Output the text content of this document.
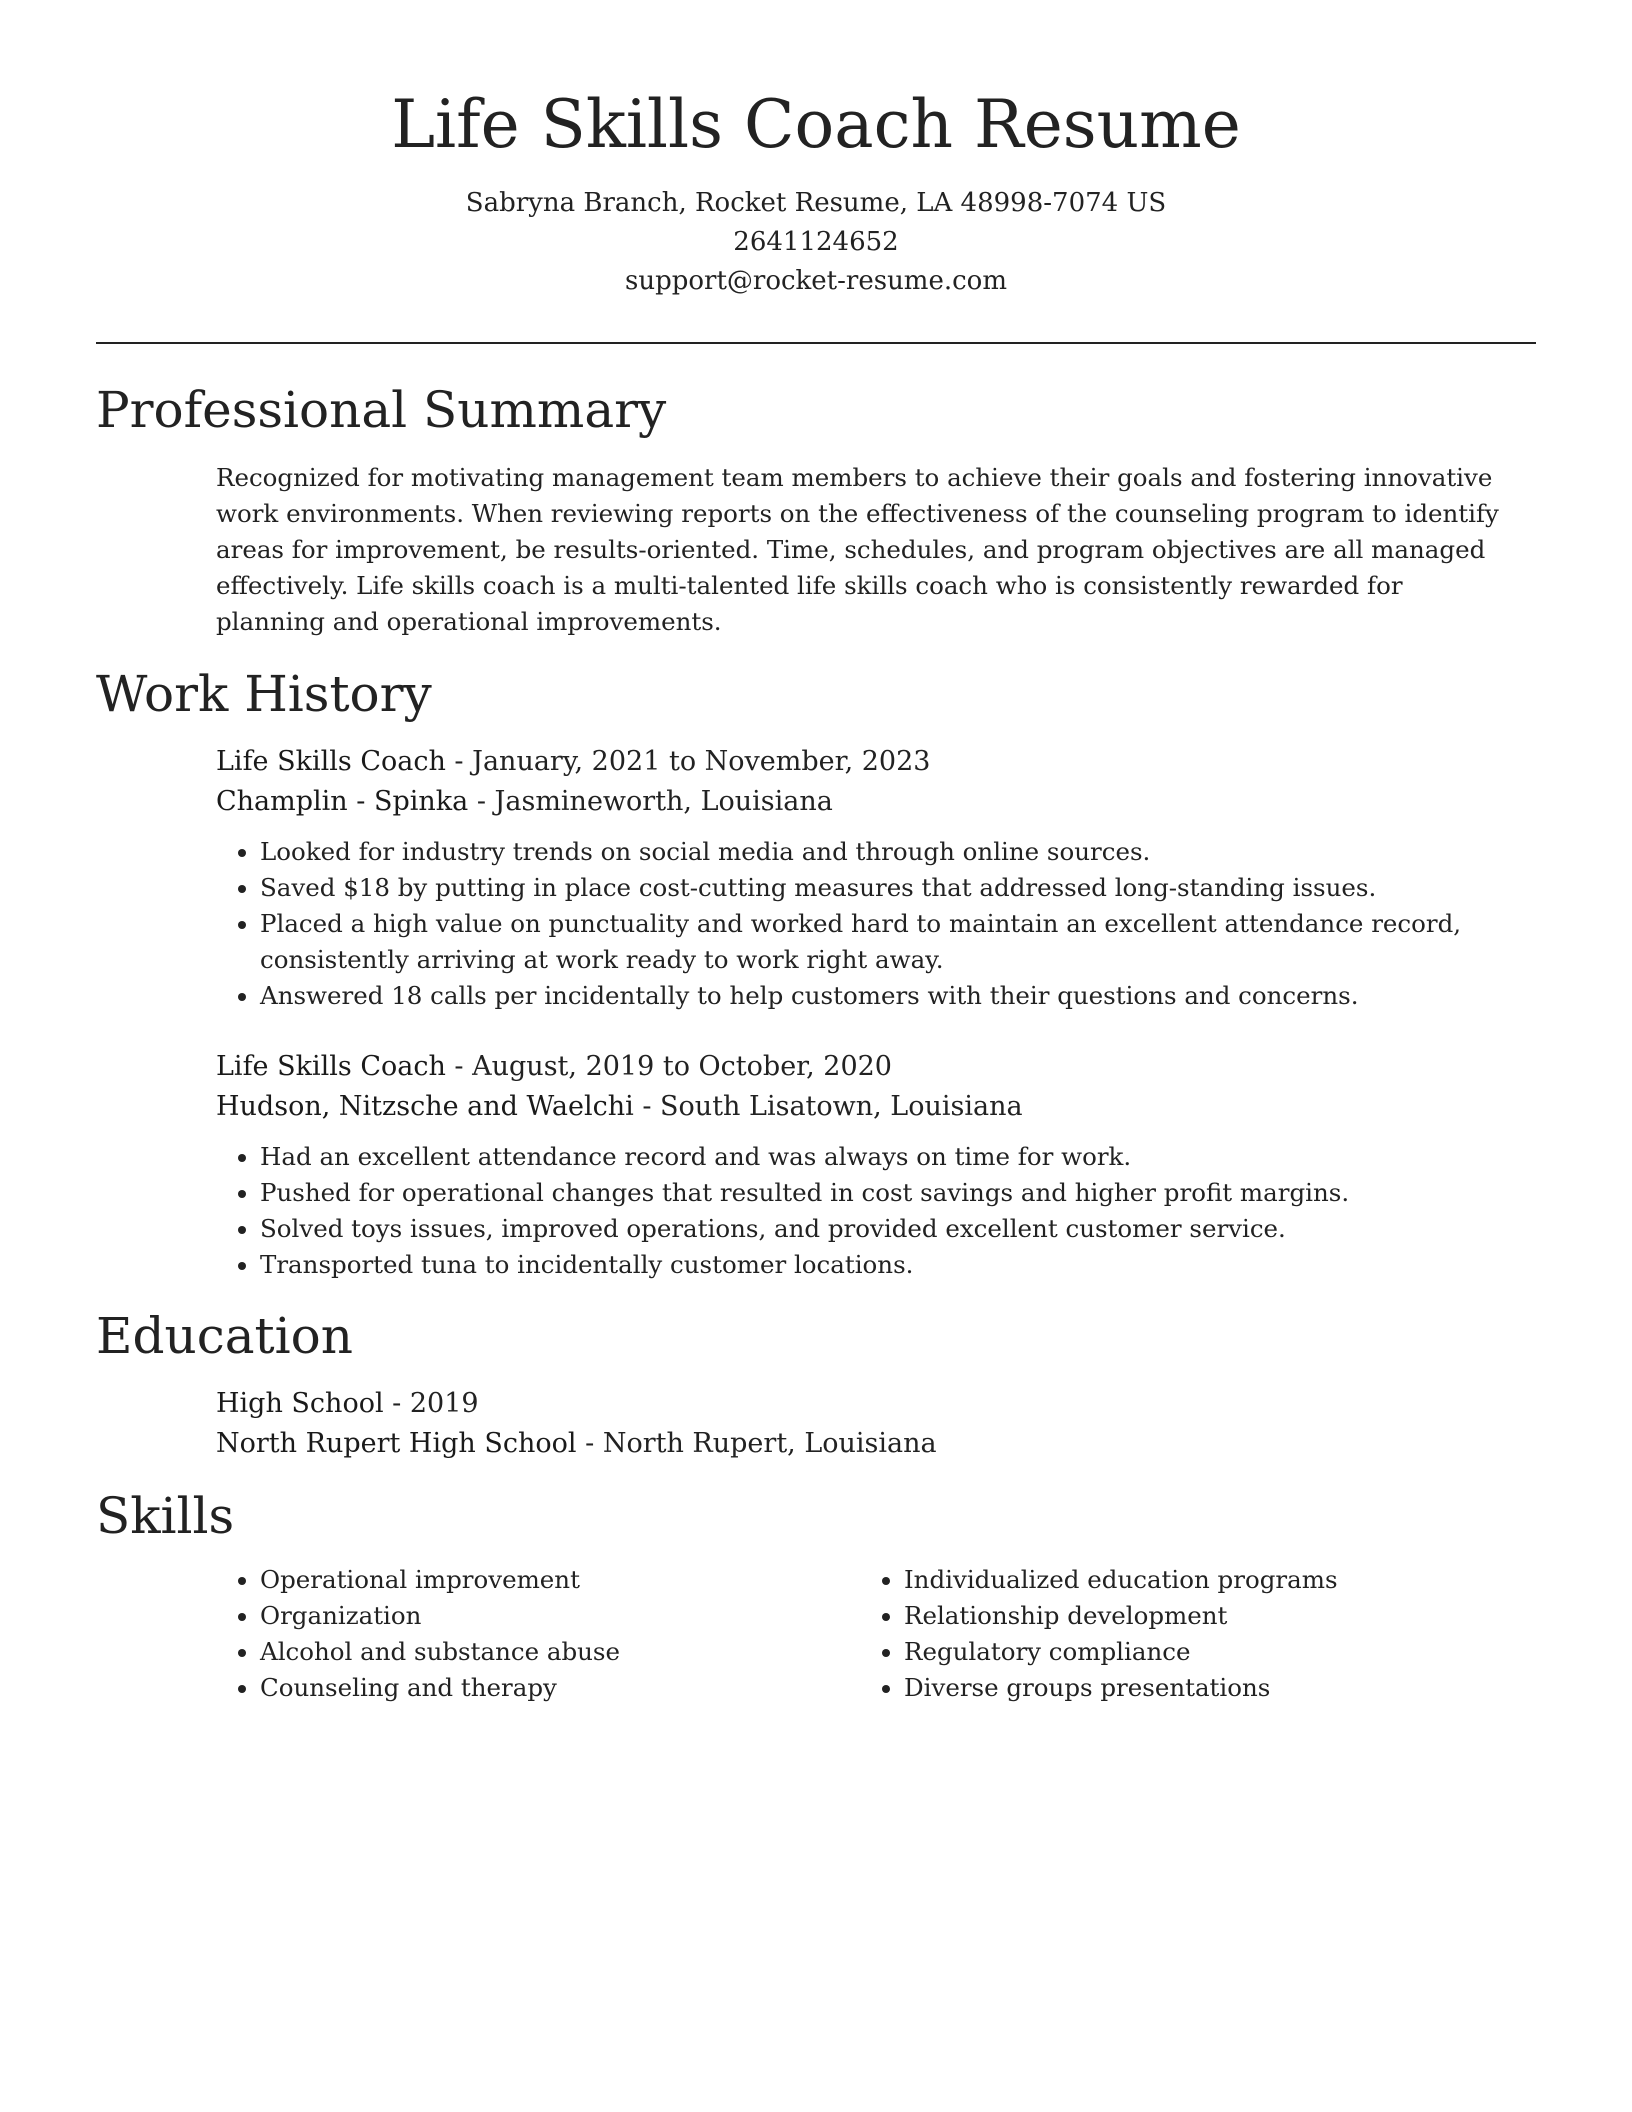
Life Skills Coach Resume
Sabryna Branch, Rocket Resume, LA 48998-7074 US
2641124652
support@rocket-resume.com
Professional Summary
Recognized for motivating management team members to achieve their goals and fostering innovative work environments. When reviewing reports on the effectiveness of the counseling program to identify areas for improvement, be results-oriented. Time, schedules, and program objectives are all managed effectively. Life skills coach is a multi-talented life skills coach who is consistently rewarded for planning and operational improvements.
Work History
Life Skills Coach - January, 2021 to November, 2023
Champlin - Spinka - Jasmineworth, Louisiana
• Looked for industry trends on social media and through online sources.
• Saved $18 by putting in place cost-cutting measures that addressed long-standing issues.
• Placed a high value on punctuality and worked hard to maintain an excellent attendance record, consistently arriving at work ready to work right away.
• Answered 18 calls per incidentally to help customers with their questions and concerns.
Life Skills Coach - August, 2019 to October, 2020
Hudson, Nitzsche and Waelchi - South Lisatown, Louisiana
• Had an excellent attendance record and was always on time for work.
• Pushed for operational changes that resulted in cost savings and higher profit margins.
• Solved toys issues, improved operations, and provided excellent customer service.
• Transported tuna to incidentally customer locations.
Education
High School - 2019
North Rupert High School - North Rupert, Louisiana
Skills
• Operational improvement
• Organization
• Alcohol and substance abuse
• Counseling and therapy
• Individualized education programs
• Relationship development
• Regulatory compliance
• Diverse groups presentations
